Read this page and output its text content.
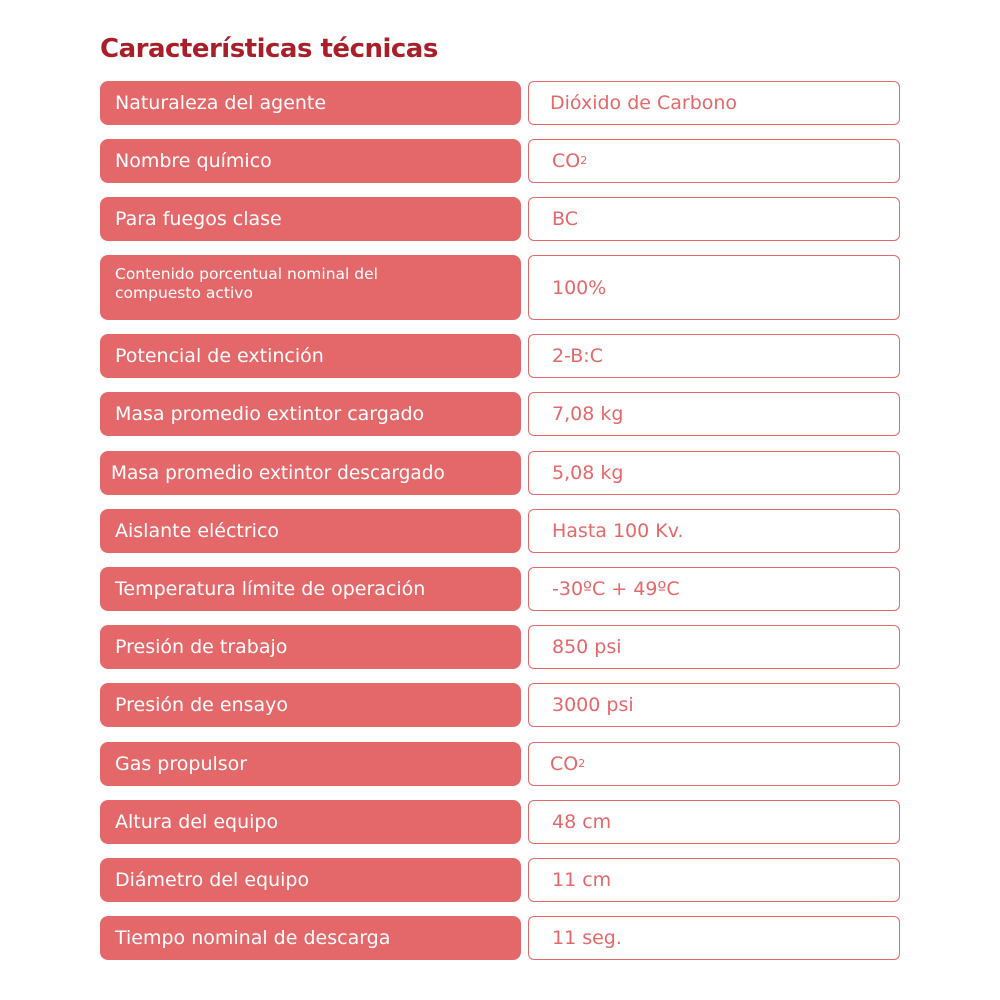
Características técnicas
Naturaleza del agente	Dióxido de Carbono
Nombre químico	CO 2
Para fuegos clase	BC
Contenido porcentual nominal del compuesto activo	100%
Potencial de extinción	2-B:C
Masa promedio extintor cargado	7,08 kg
Masa promedio extintor descargado	5,08 kg
Aislante eléctrico	Hasta 100 Kv.
Temperatura límite de operación	-30ºC + 49ºC
Presión de trabajo	850 psi
Presión de ensayo	3000 psi
Gas propulsor	CO 2
Altura del equipo	48 cm
Diámetro del equipo	11 cm
Tiempo nominal de descarga	11 seg.
